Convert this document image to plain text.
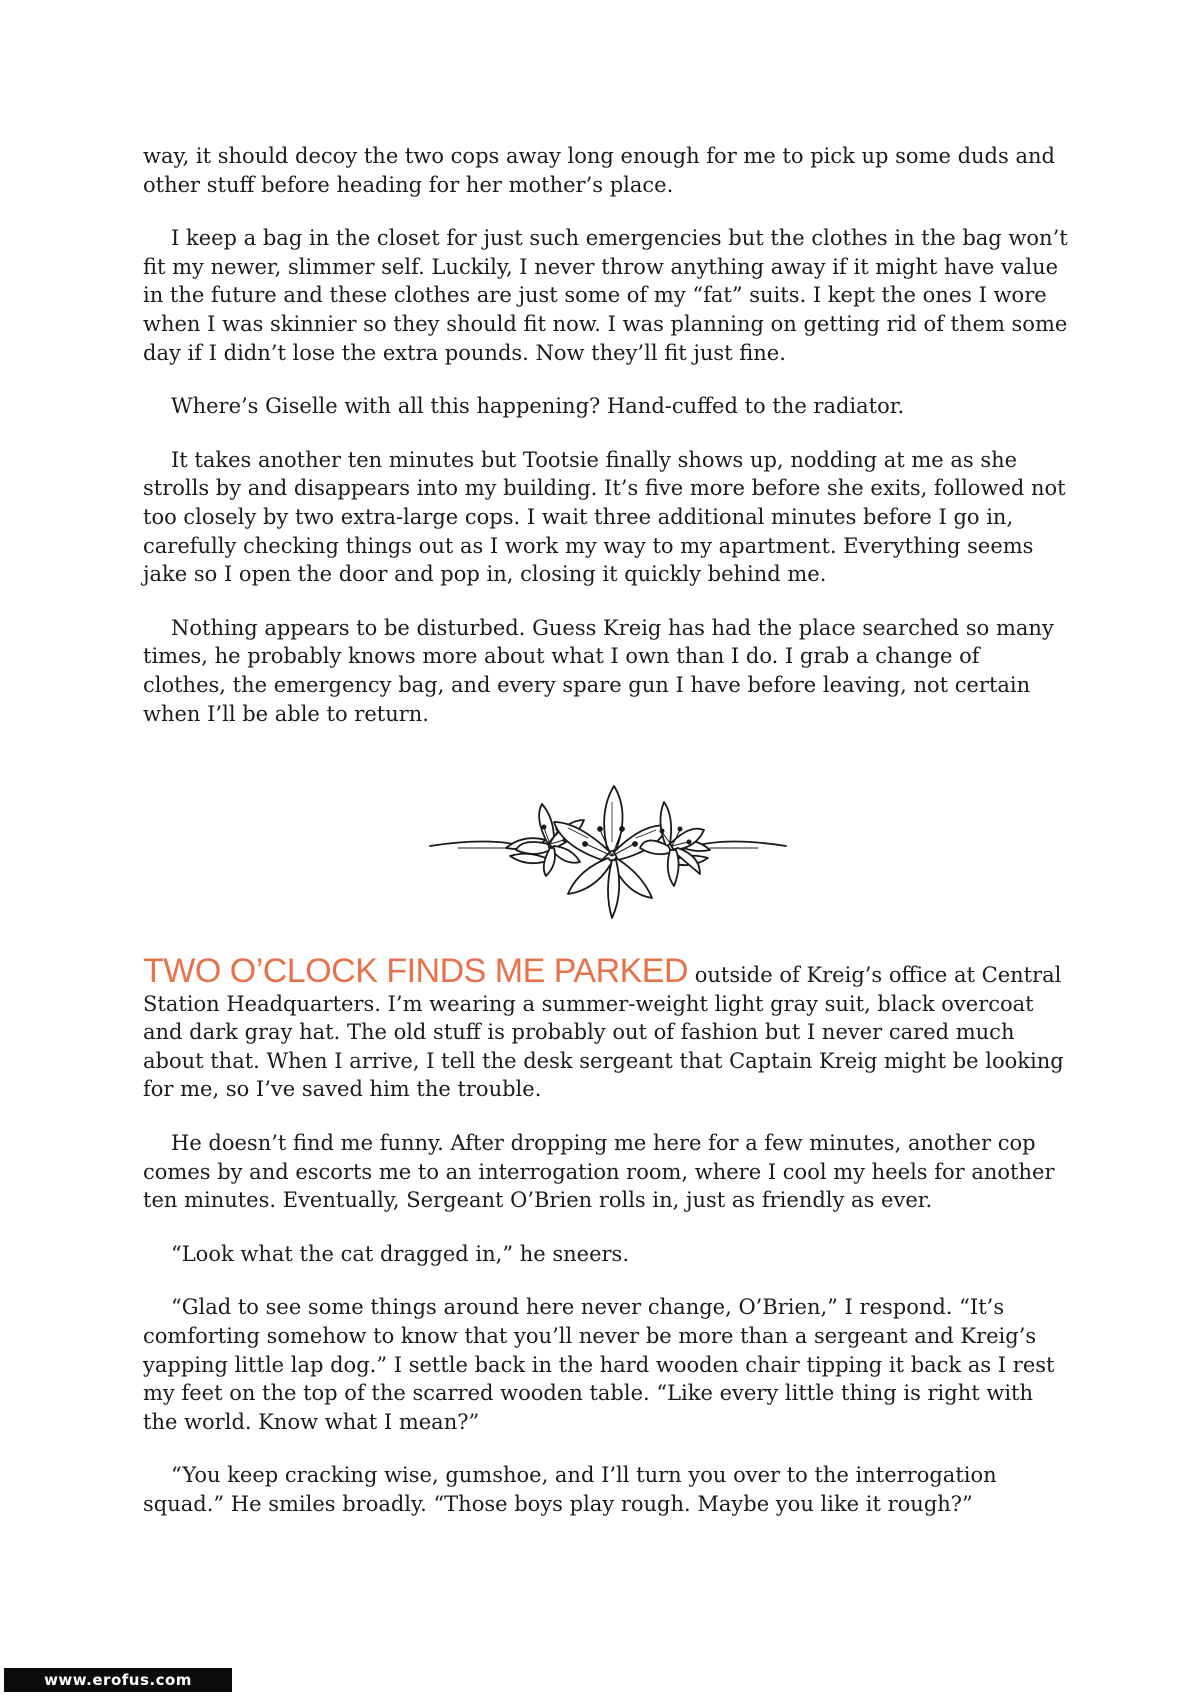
way, it should decoy the two cops away long enough for me to pick up some duds and other stuff before heading for her mother’s place.

I keep a bag in the closet for just such emergencies but the clothes in the bag won’t fit my newer, slimmer self. Luckily, I never throw anything away if it might have value in the future and these clothes are just some of my “fat” suits. I kept the ones I wore when I was skinnier so they should fit now. I was planning on getting rid of them some day if I didn’t lose the extra pounds. Now they’ll fit just fine.

Where’s Giselle with all this happening? Hand-cuffed to the radiator.

It takes another ten minutes but Tootsie finally shows up, nodding at me as she strolls by and disappears into my building. It’s five more before she exits, followed not too closely by two extra-large cops. I wait three additional minutes before I go in, carefully checking things out as I work my way to my apartment. Everything seems jake so I open the door and pop in, closing it quickly behind me.

Nothing appears to be disturbed. Guess Kreig has had the place searched so many times, he probably knows more about what I own than I do. I grab a change of clothes, the emergency bag, and every spare gun I have before leaving, not certain when I’ll be able to return.

TWO O’CLOCK FINDS ME PARKED outside of Kreig’s office at Central Station Headquarters. I’m wearing a summer-weight light gray suit, black overcoat and dark gray hat. The old stuff is probably out of fashion but I never cared much about that. When I arrive, I tell the desk sergeant that Captain Kreig might be looking for me, so I’ve saved him the trouble.

He doesn’t find me funny. After dropping me here for a few minutes, another cop comes by and escorts me to an interrogation room, where I cool my heels for another ten minutes. Eventually, Sergeant O’Brien rolls in, just as friendly as ever.

“Look what the cat dragged in,” he sneers.

“Glad to see some things around here never change, O’Brien,” I respond. “It’s comforting somehow to know that you’ll never be more than a sergeant and Kreig’s yapping little lap dog.” I settle back in the hard wooden chair tipping it back as I rest my feet on the top of the scarred wooden table. “Like every little thing is right with the world. Know what I mean?”

“You keep cracking wise, gumshoe, and I’ll turn you over to the interrogation squad.” He smiles broadly. “Those boys play rough. Maybe you like it rough?”

www.erofus.com
